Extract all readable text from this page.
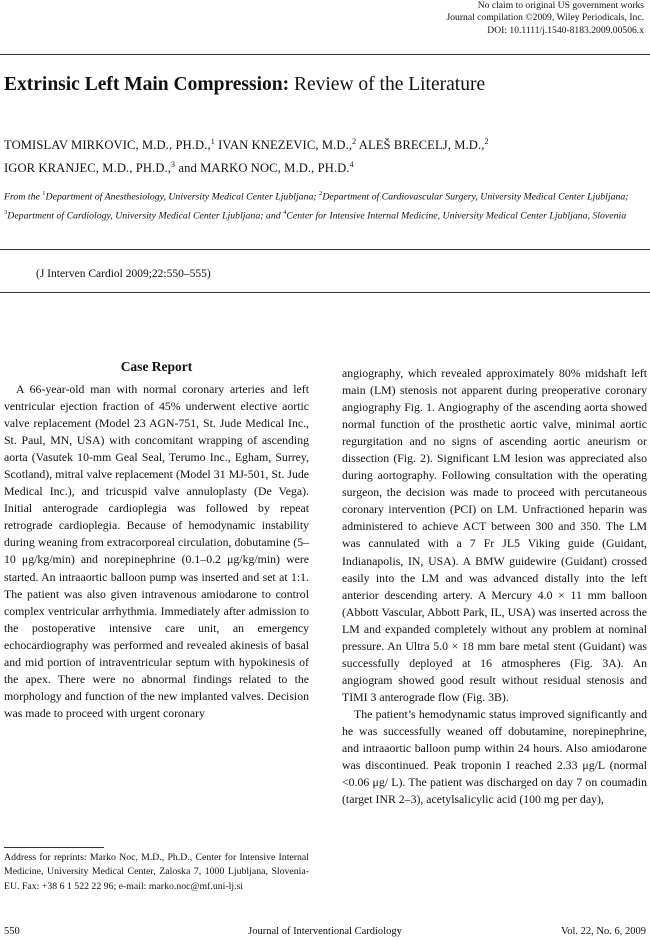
No claim to original US government works
Journal compilation ©2009, Wiley Periodicals, Inc.
DOI: 10.1111/j.1540-8183.2009.00506.x
Extrinsic Left Main Compression: Review of the Literature
TOMISLAV MIRKOVIC, M.D., PH.D.,$^1$ IVAN KNEZEVIC, M.D.,$^2$ ALEŠ BRECELJ, M.D.,$^2$
IGOR KRANJEC, M.D., PH.D.,$^3$ and MARKO NOC, M.D., PH.D.$^4$
From the $^1$Department of Anesthesiology, University Medical Center Ljubljana; $^2$Department of Cardiovascular Surgery, University Medical Center Ljubljana; $^3$Department of Cardiology, University Medical Center Ljubljana; and $^4$Center for Intensive Internal Medicine, University Medical Center Ljubljana, Slovenia
(J Interven Cardiol 2009;22:550–555)
Case Report

A 66-year-old man with normal coronary arteries and left ventricular ejection fraction of 45% underwent elective aortic valve replacement (Model 23 AGN-751, St. Jude Medical Inc., St. Paul, MN, USA) with concomitant wrapping of ascending aorta (Vasutek 10-mm Geal Seal, Terumo Inc., Egham, Surrey, Scotland), mitral valve replacement (Model 31 MJ-501, St. Jude Medical Inc.), and tricuspid valve annuloplasty (De Vega). Initial anterograde cardioplegia was followed by repeat retrograde cardioplegia. Because of hemodynamic instability during weaning from extracorporeal circulation, dobutamine (5–10 μg/kg/min) and norepinephrine (0.1–0.2 μg/kg/min) were started. An intraaortic balloon pump was inserted and set at 1:1. The patient was also given intravenous amiodarone to control complex ventricular arrhythmia. Immediately after admission to the postoperative intensive care unit, an emergency echocardiography was performed and revealed akinesis of basal and mid portion of intraventricular septum with hypokinesis of the apex. There were no abnormal findings related to the morphology and function of the new implanted valves. Decision was made to proceed with urgent coronary

angiography, which revealed approximately 80% midshaft left main (LM) stenosis not apparent during preoperative coronary angiography Fig. 1. Angiography of the ascending aorta showed normal function of the prosthetic aortic valve, minimal aortic regurgitation and no signs of ascending aortic aneurism or dissection (Fig. 2). Significant LM lesion was appreciated also during aortography. Following consultation with the operating surgeon, the decision was made to proceed with percutaneous coronary intervention (PCI) on LM. Unfractioned heparin was administered to achieve ACT between 300 and 350. The LM was cannulated with a 7 Fr JL5 Viking guide (Guidant, Indianapolis, IN, USA). A BMW guidewire (Guidant) crossed easily into the LM and was advanced distally into the left anterior descending artery. A Mercury 4.0 × 11 mm balloon (Abbott Vascular, Abbott Park, IL, USA) was inserted across the LM and expanded completely without any problem at nominal pressure. An Ultra 5.0 × 18 mm bare metal stent (Guidant) was successfully deployed at 16 atmospheres (Fig. 3A). An angiogram showed good result without residual stenosis and TIMI 3 anterograde flow (Fig. 3B).

The patient’s hemodynamic status improved significantly and he was successfully weaned off dobutamine, norepinephrine, and intraaortic balloon pump within 24 hours. Also amiodarone was discontinued. Peak troponin I reached 2.33 μg/L (normal <0.06 μg/ L). The patient was discharged on day 7 on coumadin (target INR 2–3), acetylsalicylic acid (100 mg per day),

Address for reprints: Marko Noc, M.D., Ph.D., Center for Intensive Internal Medicine, University Medical Center, Zaloska 7, 1000 Ljubljana, Slovenia-EU. Fax: +38 6 1 522 22 96; e-mail: marko.noc@mf.uni-lj.si
Journal of Interventional Cardiology
550	Vol. 22, No. 6, 2009
